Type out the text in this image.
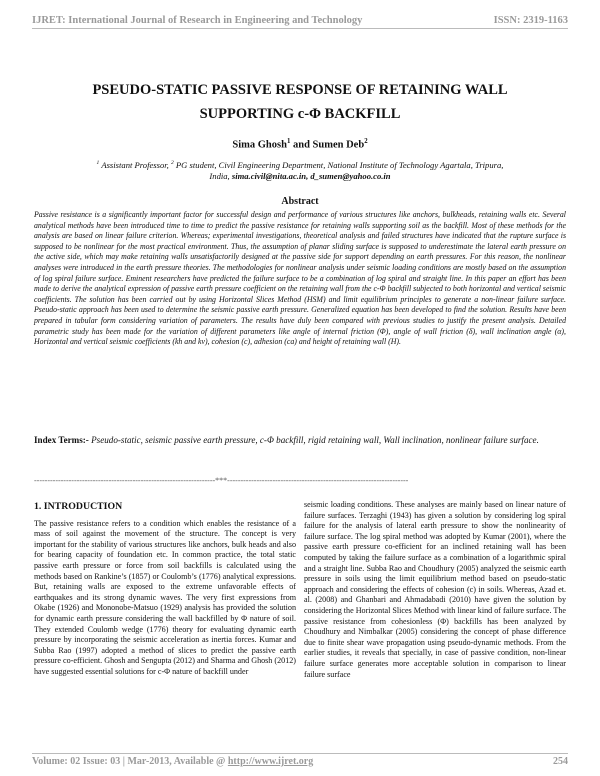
IJRET: International Journal of Research in Engineering and Technology	ISSN: 2319-1163
PSEUDO-STATIC PASSIVE RESPONSE OF RETAINING WALL
SUPPORTING c-Φ BACKFILL
Sima Ghosh$^1$ and Sumen Deb$^2$
$^1$ Assistant Professor, $^2$ PG student, Civil Engineering Department, National Institute of Technology Agartala, Tripura,
India, sima.civil@nita.ac.in, d_sumen@yahoo.co.in
Abstract

Passive resistance is a significantly important factor for successful design and performance of various structures like anchors, bulkheads, retaining walls etc. Several analytical methods have been introduced time to time to predict the passive resistance for retaining walls supporting soil as the backfill. Most of these methods for the analysis are based on linear failure criterion. Whereas; experimental investigations, theoretical analysis and failed structures have indicated that the rupture surface is supposed to be nonlinear for the most practical environment. Thus, the assumption of planar sliding surface is supposed to underestimate the lateral earth pressure on the active side, which may make retaining walls unsatisfactorily designed at the passive side for support depending on earth pressures. For this reason, the nonlinear analyses were introduced in the earth pressure theories. The methodologies for nonlinear analysis under seismic loading conditions are mostly based on the assumption of log spiral failure surface. Eminent researchers have predicted the failure surface to be a combination of log spiral and straight line. In this paper an effort has been made to derive the analytical expression of passive earth pressure coefficient on the retaining wall from the c-Φ backfill subjected to both horizontal and vertical seismic coefficients. The solution has been carried out by using Horizontal Slices Method (HSM) and limit equilibrium principles to generate a non-linear failure surface. Pseudo-static approach has been used to determine the seismic passive earth pressure. Generalized equation has been developed to find the solution. Results have been prepared in tabular form considering variation of parameters. The results have duly been compared with previous studies to justify the present analysis. Detailed parametric study has been made for the variation of different parameters like angle of internal friction (Φ), angle of wall friction (δ), wall inclination angle (α), Horizontal and vertical seismic coefficients (kh and kv), cohesion (c), adhesion (ca) and height of retaining wall (H).

Index Terms:- Pseudo-static, seismic passive earth pressure, c-Φ backfill, rigid retaining wall, Wall inclination, nonlinear failure surface.
--------------------------------------------------------------------***--------------------------------------------------------------------
1. INTRODUCTION

The passive resistance refers to a condition which enables the resistance of a mass of soil against the movement of the structure. The concept is very important for the stability of various structures like anchors, bulk heads and also for bearing capacity of foundation etc. In common practice, the total static passive earth pressure or force from soil backfills is calculated using the methods based on Rankine’s (1857) or Coulomb’s (1776) analytical expressions. But, retaining walls are exposed to the extreme unfavorable effects of earthquakes and its strong dynamic waves. The very first expressions from Okabe (1926) and Mononobe-Matsuo (1929) analysis has provided the solution for dynamic earth pressure considering the wall backfilled by Φ nature of soil. They extended Coulomb wedge (1776) theory for evaluating dynamic earth pressure by incorporating the seismic acceleration as inertia forces. Kumar and Subba Rao (1997) adopted a method of slices to predict the passive earth pressure co-efficient. Ghosh and Sengupta (2012) and Sharma and Ghosh (2012) have suggested essential solutions for c-Φ nature of backfill under

seismic loading conditions. These analyses are mainly based on linear nature of failure surfaces. Terzaghi (1943) has given a solution by considering log spiral failure for the analysis of lateral earth pressure to show the nonlinearity of failure surface. The log spiral method was adopted by Kumar (2001), where the passive earth pressure co-efficient for an inclined retaining wall has been computed by taking the failure surface as a combination of a logarithmic spiral and a straight line. Subba Rao and Choudhury (2005) analyzed the seismic earth pressure in soils using the limit equilibrium method based on pseudo-static approach and considering the effects of cohesion (c) in soils. Whereas, Azad et. al. (2008) and Ghanbari and Ahmadabadi (2010) have given the solution by considering the Horizontal Slices Method with linear kind of failure surface. The passive resistance from cohesionless (Φ) backfills has been analyzed by Choudhury and Nimbalkar (2005) considering the concept of phase difference due to finite shear wave propagation using pseudo-dynamic methods. From the earlier studies, it reveals that specially, in case of passive condition, non-linear failure surface generates more acceptable solution in comparison to linear failure surface

Volume: 02 Issue: 03 | Mar-2013, Available @ http://www.ijret.org	254
